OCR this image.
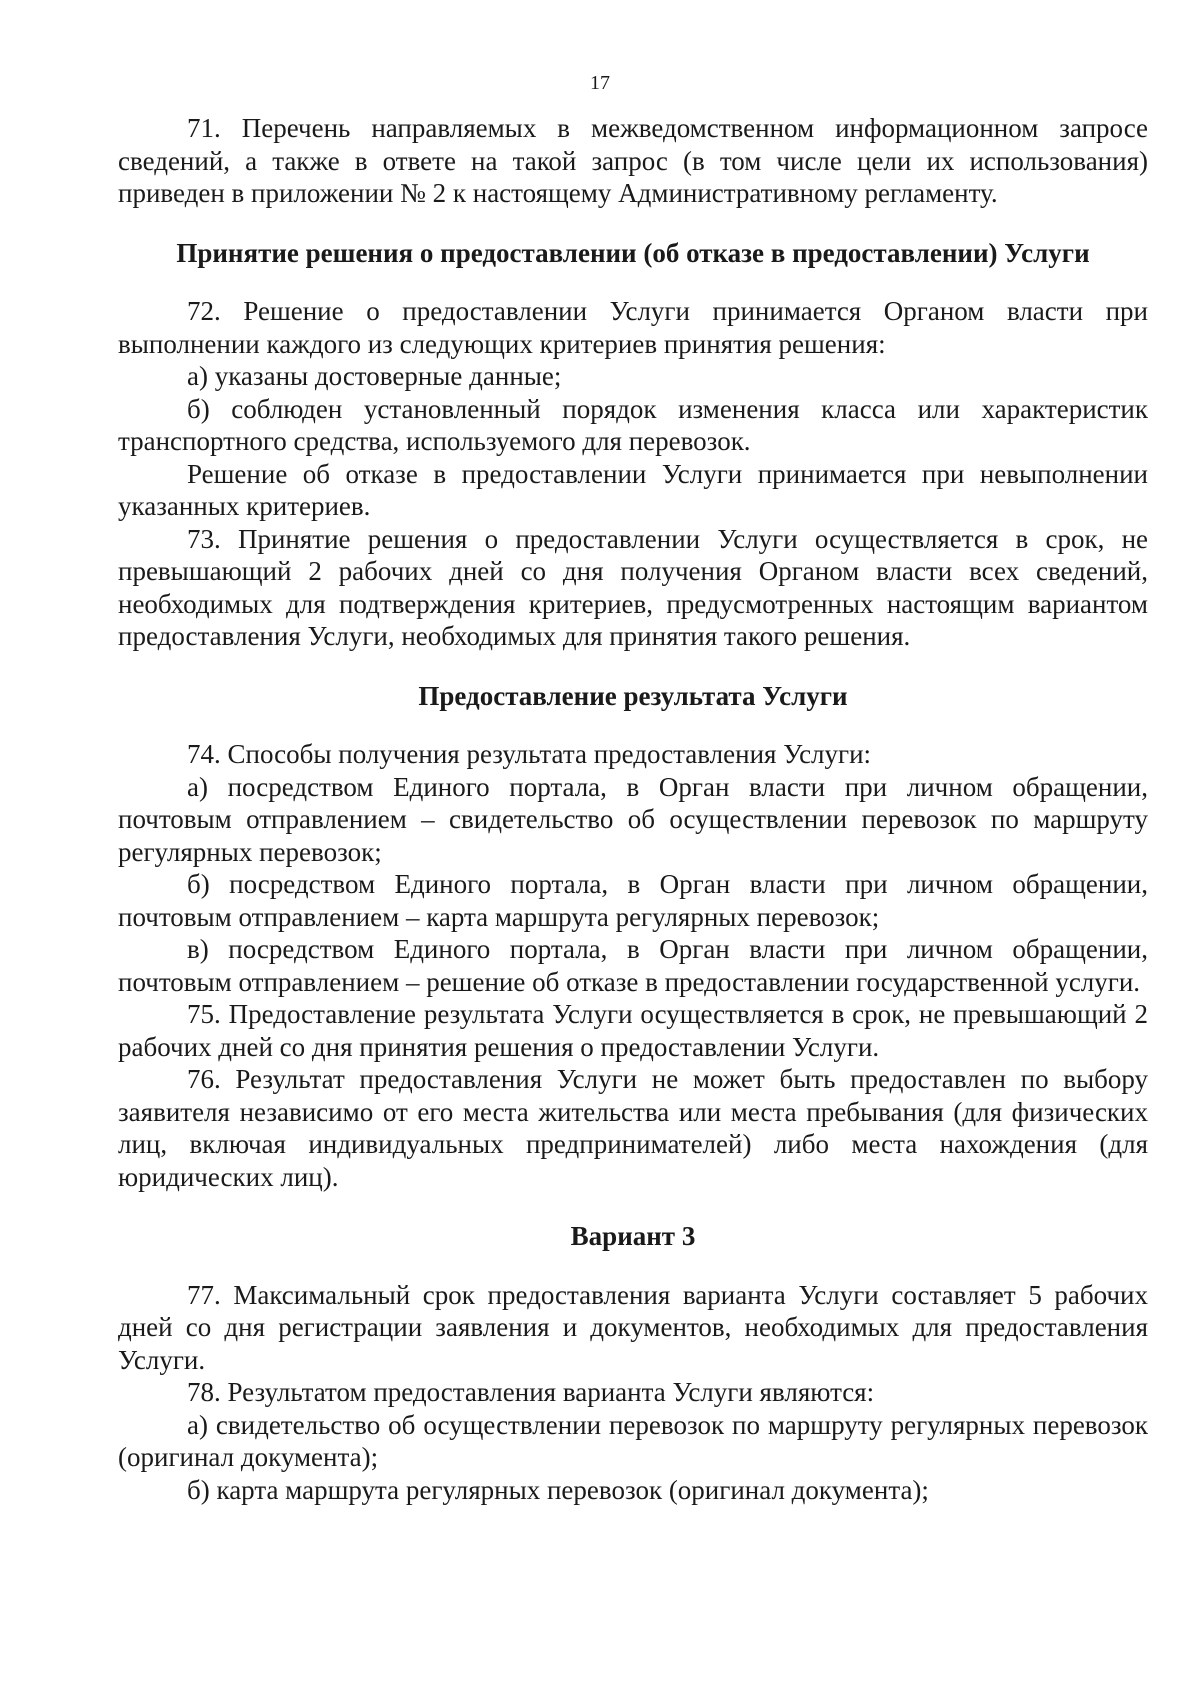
17

71. Перечень направляемых в межведомственном информационном запросе сведений, а также в ответе на такой запрос (в том числе цели их использования) приведен в приложении № 2 к настоящему Административному регламенту.

Принятие решения о предоставлении (об отказе в предоставлении) Услуги

72. Решение о предоставлении Услуги принимается Органом власти при выполнении каждого из следующих критериев принятия решения:

а) указаны достоверные данные;

б) соблюден установленный порядок изменения класса или характеристик транспортного средства, используемого для перевозок.

Решение об отказе в предоставлении Услуги принимается при невыполнении указанных критериев.

73. Принятие решения о предоставлении Услуги осуществляется в срок, не превышающий 2 рабочих дней со дня получения Органом власти всех сведений, необходимых для подтверждения критериев, предусмотренных настоящим вариантом предоставления Услуги, необходимых для принятия такого решения.

Предоставление результата Услуги

74. Способы получения результата предоставления Услуги:

а) посредством Единого портала, в Орган власти при личном обращении, почтовым отправлением – свидетельство об осуществлении перевозок по маршруту регулярных перевозок;

б) посредством Единого портала, в Орган власти при личном обращении, почтовым отправлением – карта маршрута регулярных перевозок;

в) посредством Единого портала, в Орган власти при личном обращении, почтовым отправлением – решение об отказе в предоставлении государственной услуги.

75. Предоставление результата Услуги осуществляется в срок, не превышающий 2 рабочих дней со дня принятия решения о предоставлении Услуги.

76. Результат предоставления Услуги не может быть предоставлен по выбору заявителя независимо от его места жительства или места пребывания (для физических лиц, включая индивидуальных предпринимателей) либо места нахождения (для юридических лиц).

Вариант 3

77. Максимальный срок предоставления варианта Услуги составляет 5 рабочих дней со дня регистрации заявления и документов, необходимых для предоставления Услуги.

78. Результатом предоставления варианта Услуги являются:

а) свидетельство об осуществлении перевозок по маршруту регулярных перевозок (оригинал документа);

б) карта маршрута регулярных перевозок (оригинал документа);
